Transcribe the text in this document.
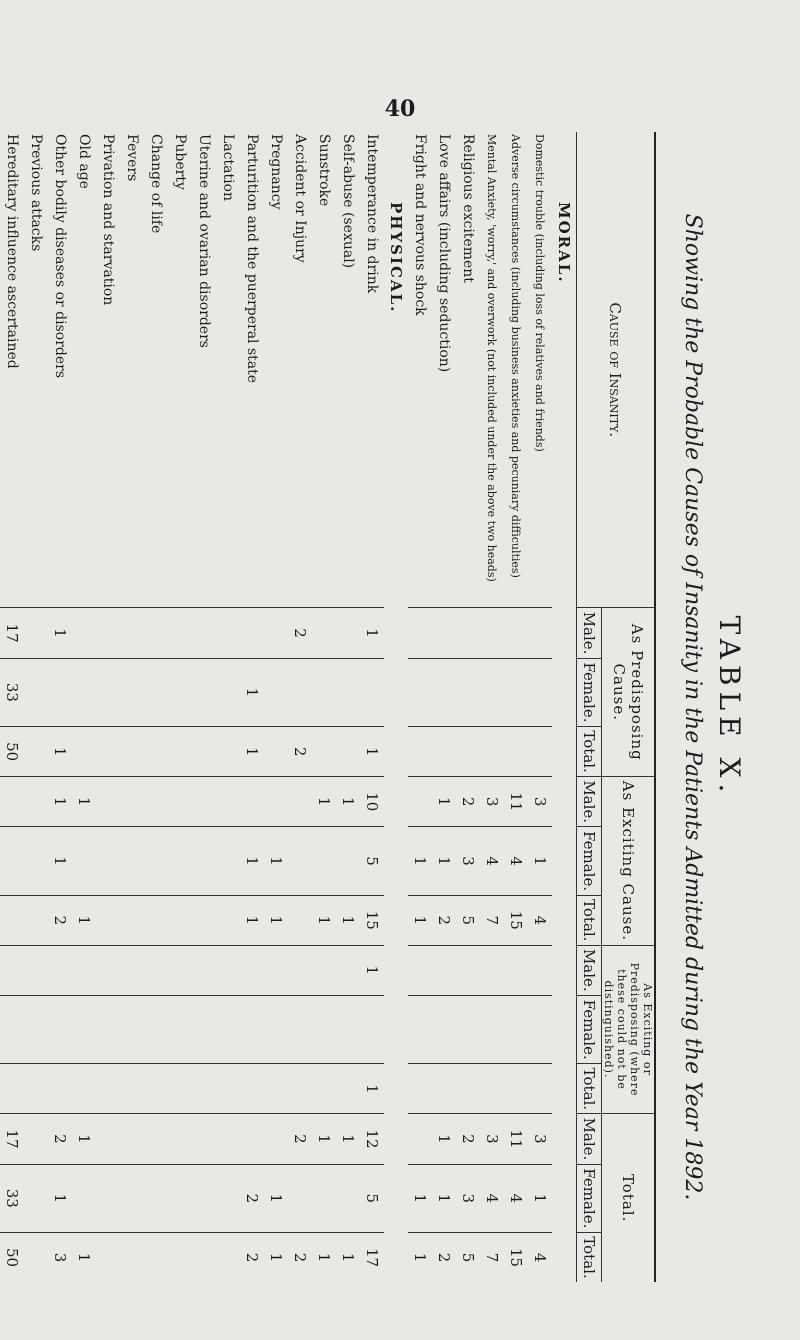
40
TABLE X.
Showing the Probable Causes of Insanity in the Patients Admitted during the Year 1892.
Cause of Insanity.	As Predisposing Cause.			As Exciting Cause.			As Exciting or Predisposing (where these could not be distinguished).			Total.		
	Male.	Female.	Total.	Male.	Female.	Total.	Male.	Female.	Total.	Male.	Female.	Total.
MORAL.												
Domestic trouble (including loss of relatives and friends)				3	1	4				3	1	4
Adverse circumstances (including business anxieties and pecuniary difficulties)				11	4	15				11	4	15
Mental Anxiety, 'worry,' and overwork (not included under the above two heads)				3	4	7				3	4	7
Religious excitement				2	3	5				2	3	5
Love affairs (including seduction)				1	1	2				1	1	2
Fright and nervous shock					1	1					1	1
PHYSICAL.												
Intemperance in drink	1		1	10	5	15	1		1	12	5	17
Self-abuse (sexual)				1		1				1		1
Sunstroke				1		1				1		1
Accident or Injury	2		2							2		2
Pregnancy					1	1					1	1
Parturition and the puerperal state		1	1		1	1					2	2
Lactation												
Uterine and ovarian disorders												
Puberty												
Change of life												
Fevers												
Privation and starvation												
Old age				1		1				1		1
Other bodily diseases or disorders	1		1	1	1	2				2	1	3
Previous attacks												
Hereditary influence ascertained	17	33	50							17	33	50
